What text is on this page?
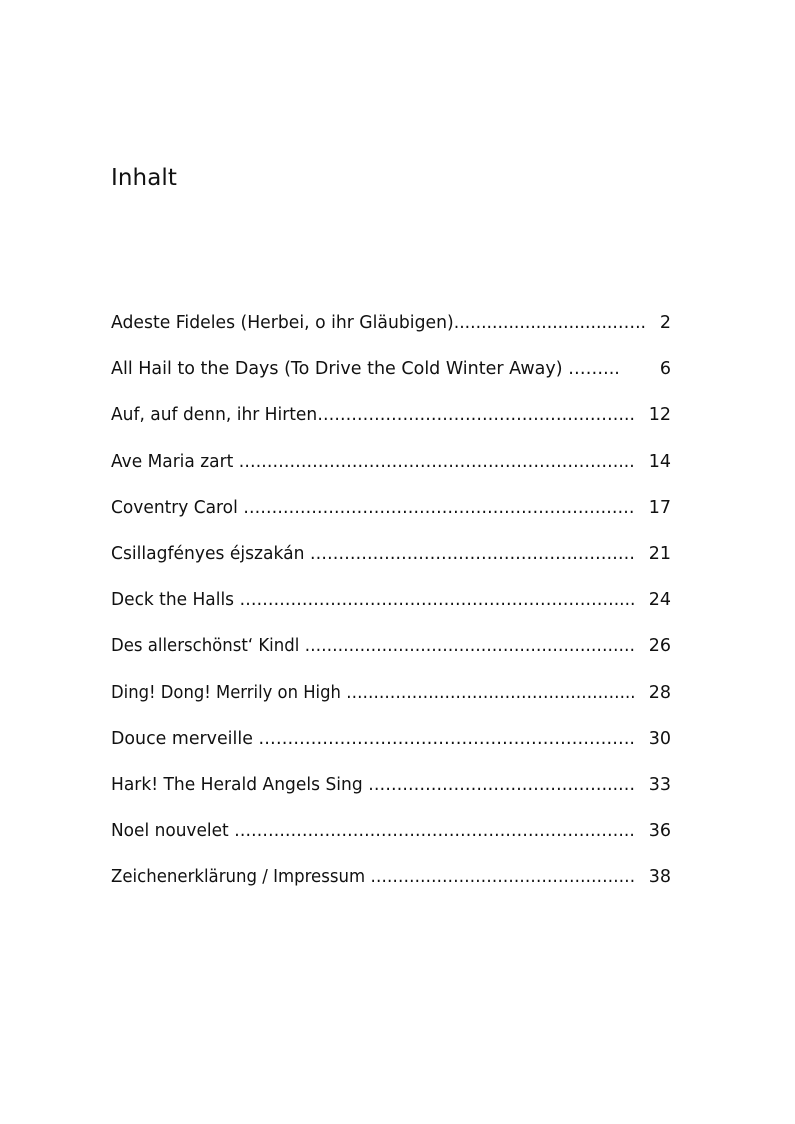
Inhalt
Adeste Fideles (Herbei, o ihr Gläubigen)..............................….. 2
All Hail to the Days (To Drive the Cold Winter Away) ……... 6
Auf, auf denn, ihr Hirten……………………………………………….. 12
Ave Maria zart ….………………………………………………………... 14
Coventry Carol …………………………………………………………… 17
Csillagfényes éjszakán ………………………………………………… 21
Deck the Halls ………………………………………………………….... 24
Des allerschönst‘ Kindl …………………………………………………… 26
Ding! Dong! Merrily on High …………………………………………….. 28
Douce merveille ……………………………………………………….. 30
Hark! The Herald Angels Sing ……………………………………..… 33
Noel nouvelet …………………………………………………………….. 36
Zeichenerklärung / Impressum ………………………………………… 38
